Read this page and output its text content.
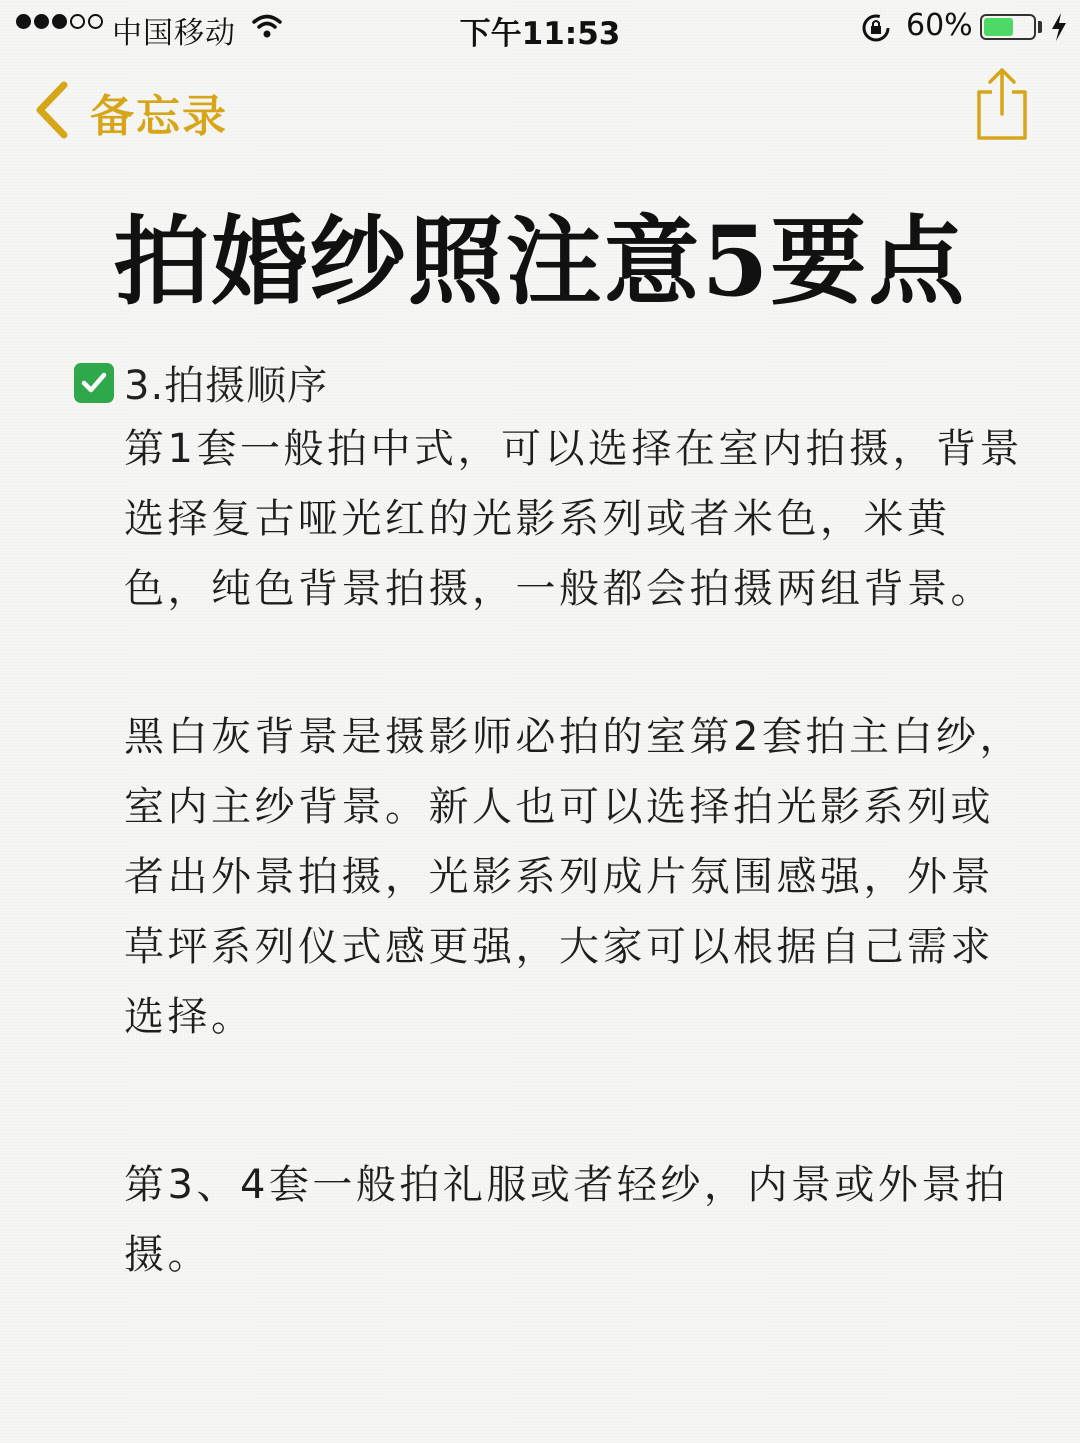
中国移动	下午11:53	60%
备忘录
拍婚纱照注意5要点
3.拍摄顺序

第1套一般拍中式，可以选择在室内拍摄，背景选择复古哑光红的光影系列或者米色，米黄色，纯色背景拍摄，一般都会拍摄两组背景。

黑白灰背景是摄影师必拍的室第2套拍主白纱，室内主纱背景。新人也可以选择拍光影系列或者出外景拍摄，光影系列成片氛围感强，外景草坪系列仪式感更强，大家可以根据自己需求选择。

第3、4套一般拍礼服或者轻纱，内景或外景拍摄。
